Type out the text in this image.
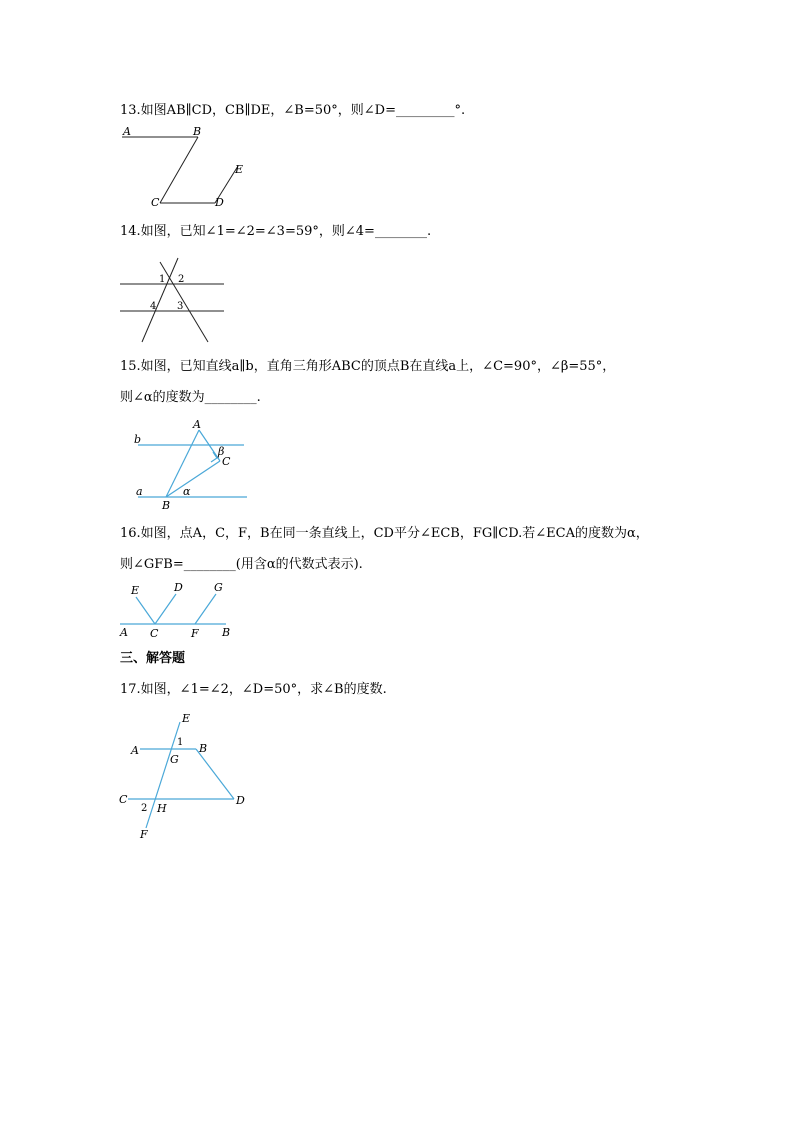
13.如图AB∥CD，CB∥DE，∠B=50°，则∠D=_________°.
A	B
C	D
E
14.如图，已知∠1=∠2=∠3=59°，则∠4=________.
1 2
3
4
15.如图，已知直线a∥b，直角三角形ABC的顶点B在直线a上，∠C=90°，∠β=55°，
则∠α的度数为________.
b
a
A
B
C
β
α
16.如图，点A，C，F，B在同一条直线上，CD平分∠ECB，FG∥CD.若∠ECA的度数为α，
则∠GFB=________(用含α的代数式表示).
E	D	G
A C	F B
三、解答题
17.如图，∠1=∠2，∠D=50°，求∠B的度数.
E
A
1 B
G
C
2 H
D
F
